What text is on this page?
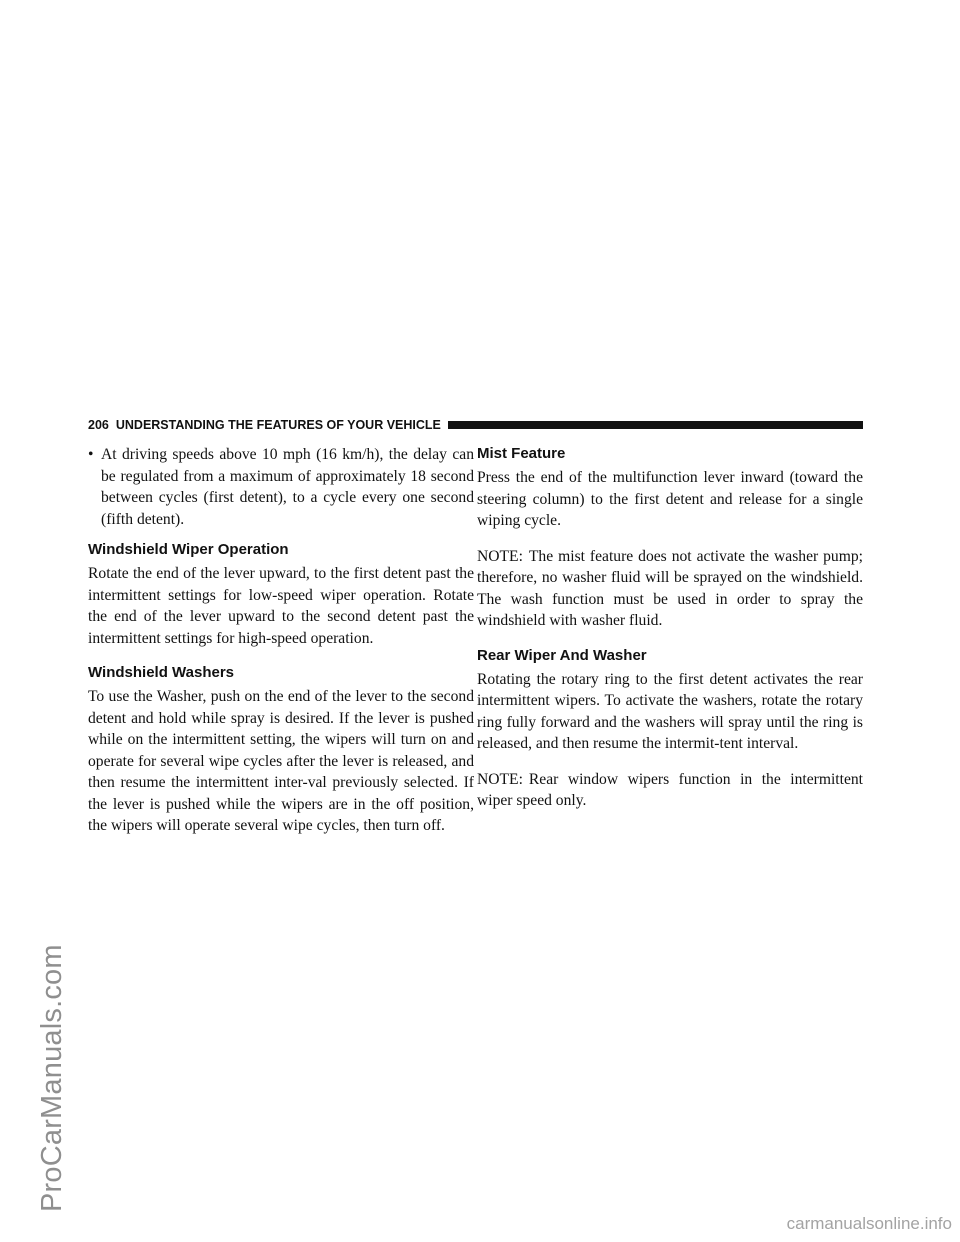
ProCarManuals.com
206 UNDERSTANDING THE FEATURES OF YOUR VEHICLE
• At driving speeds above 10 mph (16 km/h), the delay can be regulated from a maximum of approximately 18 second between cycles (first detent), to a cycle every one second (fifth detent).

Windshield Wiper Operation

Rotate the end of the lever upward, to the first detent past the intermittent settings for low-speed wiper operation. Rotate the end of the lever upward to the second detent past the intermittent settings for high-speed operation.

Windshield Washers

To use the Washer, push on the end of the lever to the second detent and hold while spray is desired. If the lever is pushed while on the intermittent setting, the wipers will turn on and operate for several wipe cycles after the lever is released, and then resume the intermittent inter-val previously selected. If the lever is pushed while the wipers are in the off position, the wipers will operate several wipe cycles, then turn off.

Mist Feature

Press the end of the multifunction lever inward (toward the steering column) to the first detent and release for a single wiping cycle.

NOTE: The mist feature does not activate the washer pump; therefore, no washer fluid will be sprayed on the windshield. The wash function must be used in order to spray the windshield with washer fluid.

Rear Wiper And Washer

Rotating the rotary ring to the first detent activates the rear intermittent wipers. To activate the washers, rotate the rotary ring fully forward and the washers will spray until the ring is released, and then resume the intermit-tent interval.

NOTE: Rear window wipers function in the intermittent wiper speed only.

carmanualsonline.info
